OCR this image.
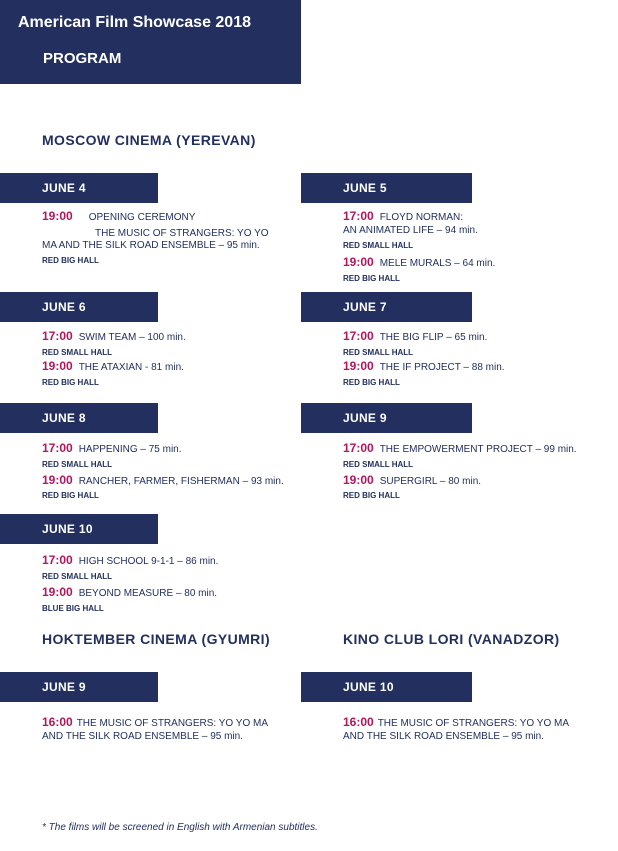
American Film Showcase 2018
PROGRAM
MOSCOW CINEMA (YEREVAN)
JUNE 4
19:00 OPENING CEREMONY
THE MUSIC OF STRANGERS: YO YO
MA AND THE SILK ROAD ENSEMBLE – 95 min.
RED BIG HALL
JUNE 5
17:00 FLOYD NORMAN:
AN ANIMATED LIFE – 94 min.
RED SMALL HALL
19:00 MELE MURALS – 64 min.
RED BIG HALL
JUNE 6
17:00 SWIM TEAM – 100 min.
RED SMALL HALL
19:00 THE ATAXIAN - 81 min.
RED BIG HALL
JUNE 7
17:00 THE BIG FLIP – 65 min.
RED SMALL HALL
19:00 THE IF PROJECT – 88 min.
RED BIG HALL
JUNE 8
17:00 HAPPENING – 75 min.
RED SMALL HALL
19:00 RANCHER, FARMER, FISHERMAN – 93 min.
RED BIG HALL
JUNE 9
17:00 THE EMPOWERMENT PROJECT – 99 min.
RED SMALL HALL
19:00 SUPERGIRL – 80 min.
RED BIG HALL
JUNE 10
17:00 HIGH SCHOOL 9-1-1 – 86 min.
RED SMALL HALL
19:00 BEYOND MEASURE – 80 min.
BLUE BIG HALL
HOKTEMBER CINEMA (GYUMRI)	KINO CLUB LORI (VANADZOR)
JUNE 9
16:00 THE MUSIC OF STRANGERS: YO YO MA
AND THE SILK ROAD ENSEMBLE – 95 min.
JUNE 10
16:00 THE MUSIC OF STRANGERS: YO YO MA
AND THE SILK ROAD ENSEMBLE – 95 min.
* The films will be screened in English with Armenian subtitles.
